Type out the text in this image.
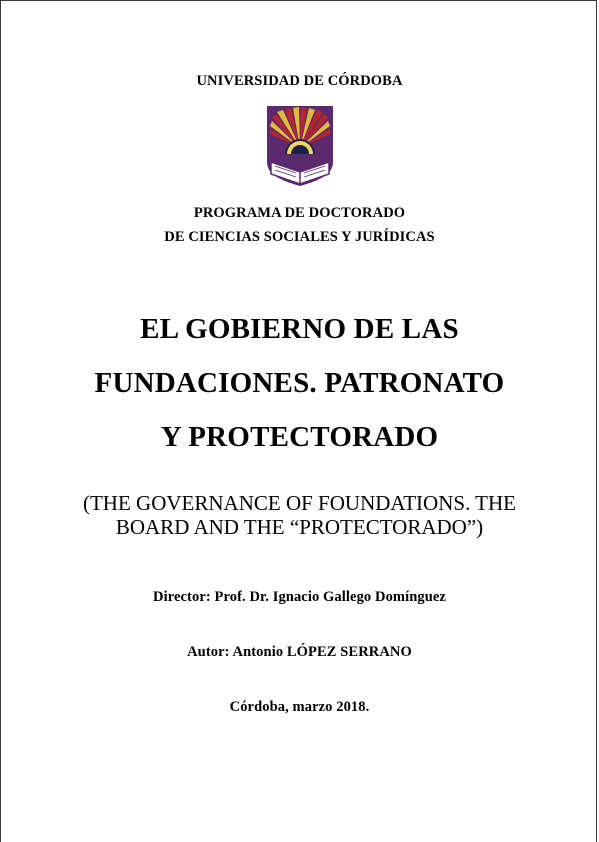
UNIVERSIDAD DE CÓRDOBA
PROGRAMA DE DOCTORADO
DE CIENCIAS SOCIALES Y JURÍDICAS
EL GOBIERNO DE LAS
FUNDACIONES. PATRONATO
Y PROTECTORADO
(THE GOVERNANCE OF FOUNDATIONS. THE
BOARD AND THE “PROTECTORADO”)
Director: Prof. Dr. Ignacio Gallego Domínguez
Autor: Antonio LÓPEZ SERRANO
Córdoba, marzo 2018.
